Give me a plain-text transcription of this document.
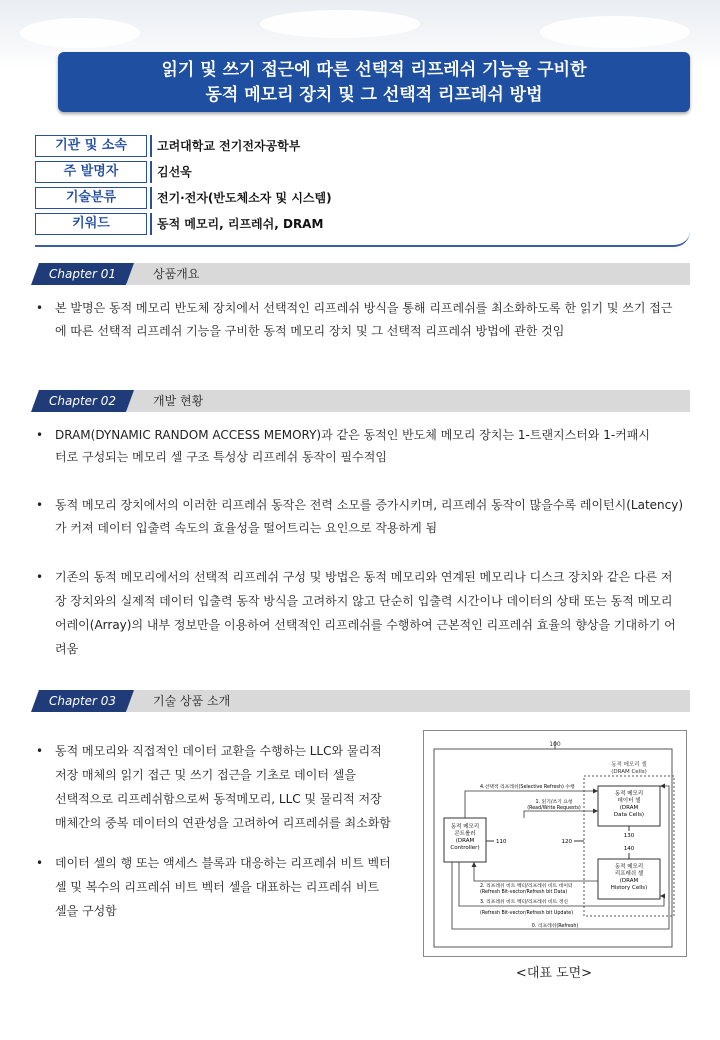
읽기 및 쓰기 접근에 따른 선택적 리프레쉬 기능을 구비한
동적 메모리 장치 및 그 선택적 리프레쉬 방법
기관 및 소속	고려대학교 전기전자공학부
주 발명자	김선욱
기술분류	전기·전자(반도체소자 및 시스템)
키워드	동적 메모리, 리프레쉬, DRAM
Chapter 01	상품개요
• 본 발명은 동적 메모리 반도체 장치에서 선택적인 리프레쉬 방식을 통해 리프레쉬를 최소화하도록 한 읽기 및 쓰기 접근
에 따른 선택적 리프레쉬 기능을 구비한 동적 메모리 장치 및 그 선택적 리프레쉬 방법에 관한 것임
Chapter 02	개발 현황
• DRAM(DYNAMIC RANDOM ACCESS MEMORY)과 같은 동적인 반도체 메모리 장치는 1-트랜지스터와 1-커패시
터로 구성되는 메모리 셀 구조 특성상 리프레쉬 동작이 필수적임
• 동적 메모리 장치에서의 이러한 리프레쉬 동작은 전력 소모를 증가시키며, 리프레쉬 동작이 많을수록 레이턴시(Latency)
가 커져 데이터 입출력 속도의 효율성을 떨어트리는 요인으로 작용하게 됨
• 기존의 동적 메모리에서의 선택적 리프레쉬 구성 및 방법은 동적 메모리와 연계된 메모리나 디스크 장치와 같은 다른 저
장 장치와의 실제적 데이터 입출력 동작 방식을 고려하지 않고 단순히 입출력 시간이나 데이터의 상태 또는 동적 메모리
어레이(Array)의 내부 정보만을 이용하여 선택적인 리프레쉬를 수행하여 근본적인 리프레쉬 효율의 향상을 기대하기 어
려움
Chapter 03	기술 상품 소개
• 동적 메모리와 직접적인 데이터 교환을 수행하는 LLC와 물리적
저장 매체의 읽기 접근 및 쓰기 접근을 기초로 데이터 셀을
선택적으로 리프레쉬함으로써 동적메모리, LLC 및 물리적 저장
매체간의 중복 데이터의 연관성을 고려하여 리프레쉬를 최소화함
• 데이터 셀의 행 또는 액세스 블록과 대응하는 리프레쉬 비트 벡터
셀 및 복수의 리프레쉬 비트 벡터 셀을 대표하는 리프레쉬 비트
셀을 구성함
100
동적 메모리 셀
(DRAM Cells)
동적 메모리
데이터 셀
(DRAM
Data Cells)
동적 메모리
리프레쉬 셀
(DRAM
History Cells)
130
140
동적 메모리
콘트롤러
(DRAM
Controller)
110	120
4.선택적 리프레쉬(Selective Refresh) 수행
1. 읽기/쓰기 요청
(Read/Write Requests)
2. 리프레쉬 비트 벡터/리프레쉬 비트 데이터
(Refresh Bit-vector/Refresh bit Data)
3. 리프레쉬 비트 벡터/리프레쉬 비트 갱신
(Refresh Bit-vector/Refresh bit Update)
0. 리프레쉬(Refresh)
<대표 도면>
